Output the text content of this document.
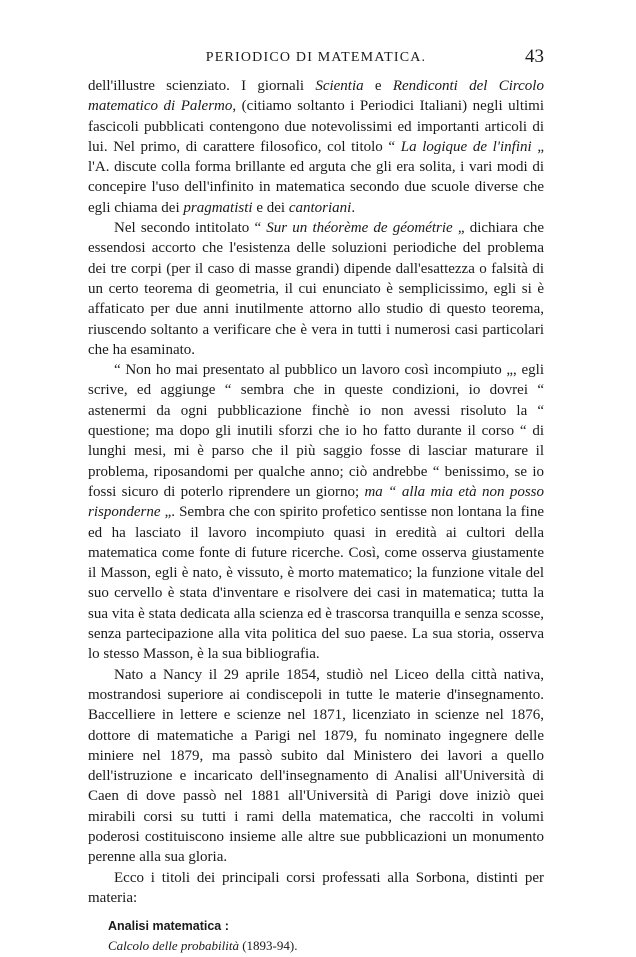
PERIODICO DI MATEMATICA.	43

dell'illustre scienziato. I giornali Scientia e Rendiconti del Circolo matematico di Palermo, (citiamo soltanto i Periodici Italiani) negli ultimi fascicoli pubblicati contengono due notevolissimi ed importanti articoli di lui. Nel primo, di carattere filosofico, col titolo “ La logique de l'infini „ l'A. discute colla forma brillante ed arguta che gli era solita, i vari modi di concepire l'uso dell'infinito in matematica secondo due scuole diverse che egli chiama dei pragmatisti e dei cantoriani.

Nel secondo intitolato “ Sur un théorème de géométrie „ dichiara che essendosi accorto che l'esistenza delle soluzioni periodiche del problema dei tre corpi (per il caso di masse grandi) dipende dall'esattezza o falsità di un certo teorema di geometria, il cui enunciato è semplicissimo, egli si è affaticato per due anni inutilmente attorno allo studio di questo teorema, riuscendo soltanto a verificare che è vera in tutti i numerosi casi particolari che ha esaminato.

“ Non ho mai presentato al pubblico un lavoro così incompiuto „, egli scrive, ed aggiunge “ sembra che in queste condizioni, io dovrei “ astenermi da ogni pubblicazione finchè io non avessi risoluto la “ questione; ma dopo gli inutili sforzi che io ho fatto durante il corso “ di lunghi mesi, mi è parso che il più saggio fosse di lasciar maturare il problema, riposandomi per qualche anno; ciò andrebbe “ benissimo, se io fossi sicuro di poterlo riprendere un giorno; ma “ alla mia età non posso risponderne „. Sembra che con spirito profetico sentisse non lontana la fine ed ha lasciato il lavoro incompiuto quasi in eredità ai cultori della matematica come fonte di future ricerche. Così, come osserva giustamente il Masson, egli è nato, è vissuto, è morto matematico; la funzione vitale del suo cervello è stata d'inventare e risolvere dei casi in matematica; tutta la sua vita è stata dedicata alla scienza ed è trascorsa tranquilla e senza scosse, senza partecipazione alla vita politica del suo paese. La sua storia, osserva lo stesso Masson, è la sua bibliografia.

Nato a Nancy il 29 aprile 1854, studiò nel Liceo della città nativa, mostrandosi superiore ai condiscepoli in tutte le materie d'insegnamento. Baccelliere in lettere e scienze nel 1871, licenziato in scienze nel 1876, dottore di matematiche a Parigi nel 1879, fu nominato ingegnere delle miniere nel 1879, ma passò subito dal Ministero dei lavori a quello dell'istruzione e incaricato dell'insegnamento di Analisi all'Università di Caen di dove passò nel 1881 all'Università di Parigi dove iniziò quei mirabili corsi su tutti i rami della matematica, che raccolti in volumi poderosi costituiscono insieme alle altre sue pubblicazioni un monumento perenne alla sua gloria.

Ecco i titoli dei principali corsi professati alla Sorbona, distinti per materia:

Analisi matematica :

Calcolo delle probabilità (1893-94).
